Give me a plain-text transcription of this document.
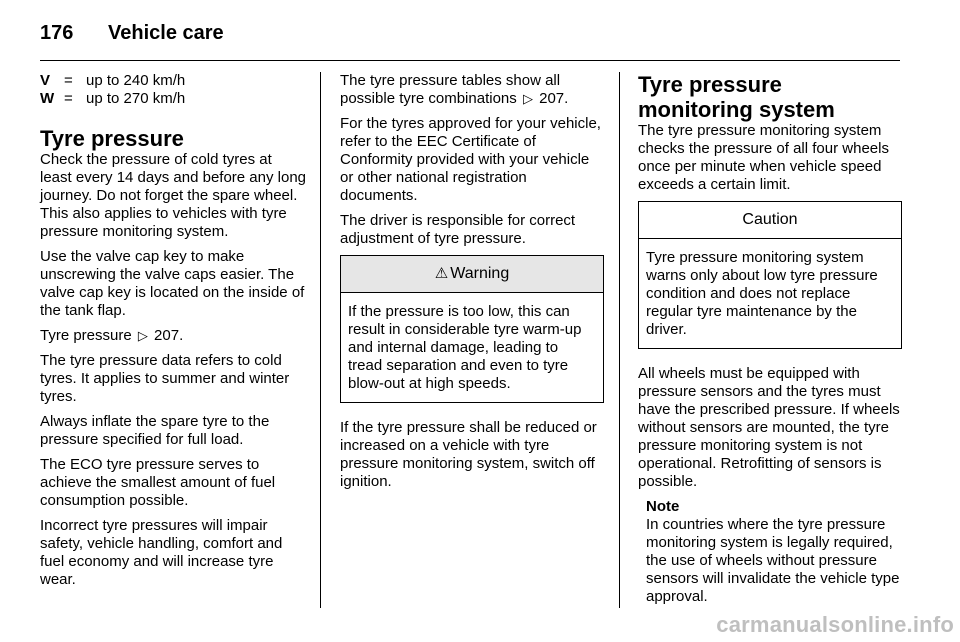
176	Vehicle care
V = up to 240 km/h
W = up to 270 km/h
Tyre pressure

Check the pressure of cold tyres at least every 14 days and before any long journey. Do not forget the spare wheel. This also applies to vehicles with tyre pressure monitoring system.

Use the valve cap key to make unscrewing the valve caps easier. The valve cap key is located on the inside of the tank flap.

Tyre pressure ▷ 207.

The tyre pressure data refers to cold tyres. It applies to summer and winter tyres.

Always inflate the spare tyre to the pressure specified for full load.

The ECO tyre pressure serves to achieve the smallest amount of fuel consumption possible.

Incorrect tyre pressures will impair safety, vehicle handling, comfort and fuel economy and will increase tyre wear.

The tyre pressure tables show all possible tyre combinations ▷ 207.

For the tyres approved for your vehicle, refer to the EEC Certificate of Conformity provided with your vehicle or other national registration documents.

The driver is responsible for correct adjustment of tyre pressure.

⚠ Warning
If the pressure is too low, this can result in considerable tyre warm-up and internal damage, leading to tread separation and even to tyre blow-out at high speeds.

If the tyre pressure shall be reduced or increased on a vehicle with tyre pressure monitoring system, switch off ignition.

Tyre pressure monitoring system

The tyre pressure monitoring system checks the pressure of all four wheels once per minute when vehicle speed exceeds a certain limit.

Caution
Tyre pressure monitoring system warns only about low tyre pressure condition and does not replace regular tyre maintenance by the driver.

All wheels must be equipped with pressure sensors and the tyres must have the prescribed pressure. If wheels without sensors are mounted, the tyre pressure monitoring system is not operational. Retrofitting of sensors is possible.

Note

In countries where the tyre pressure monitoring system is legally required, the use of wheels without pressure sensors will invalidate the vehicle type approval.

carmanualsonline.info
